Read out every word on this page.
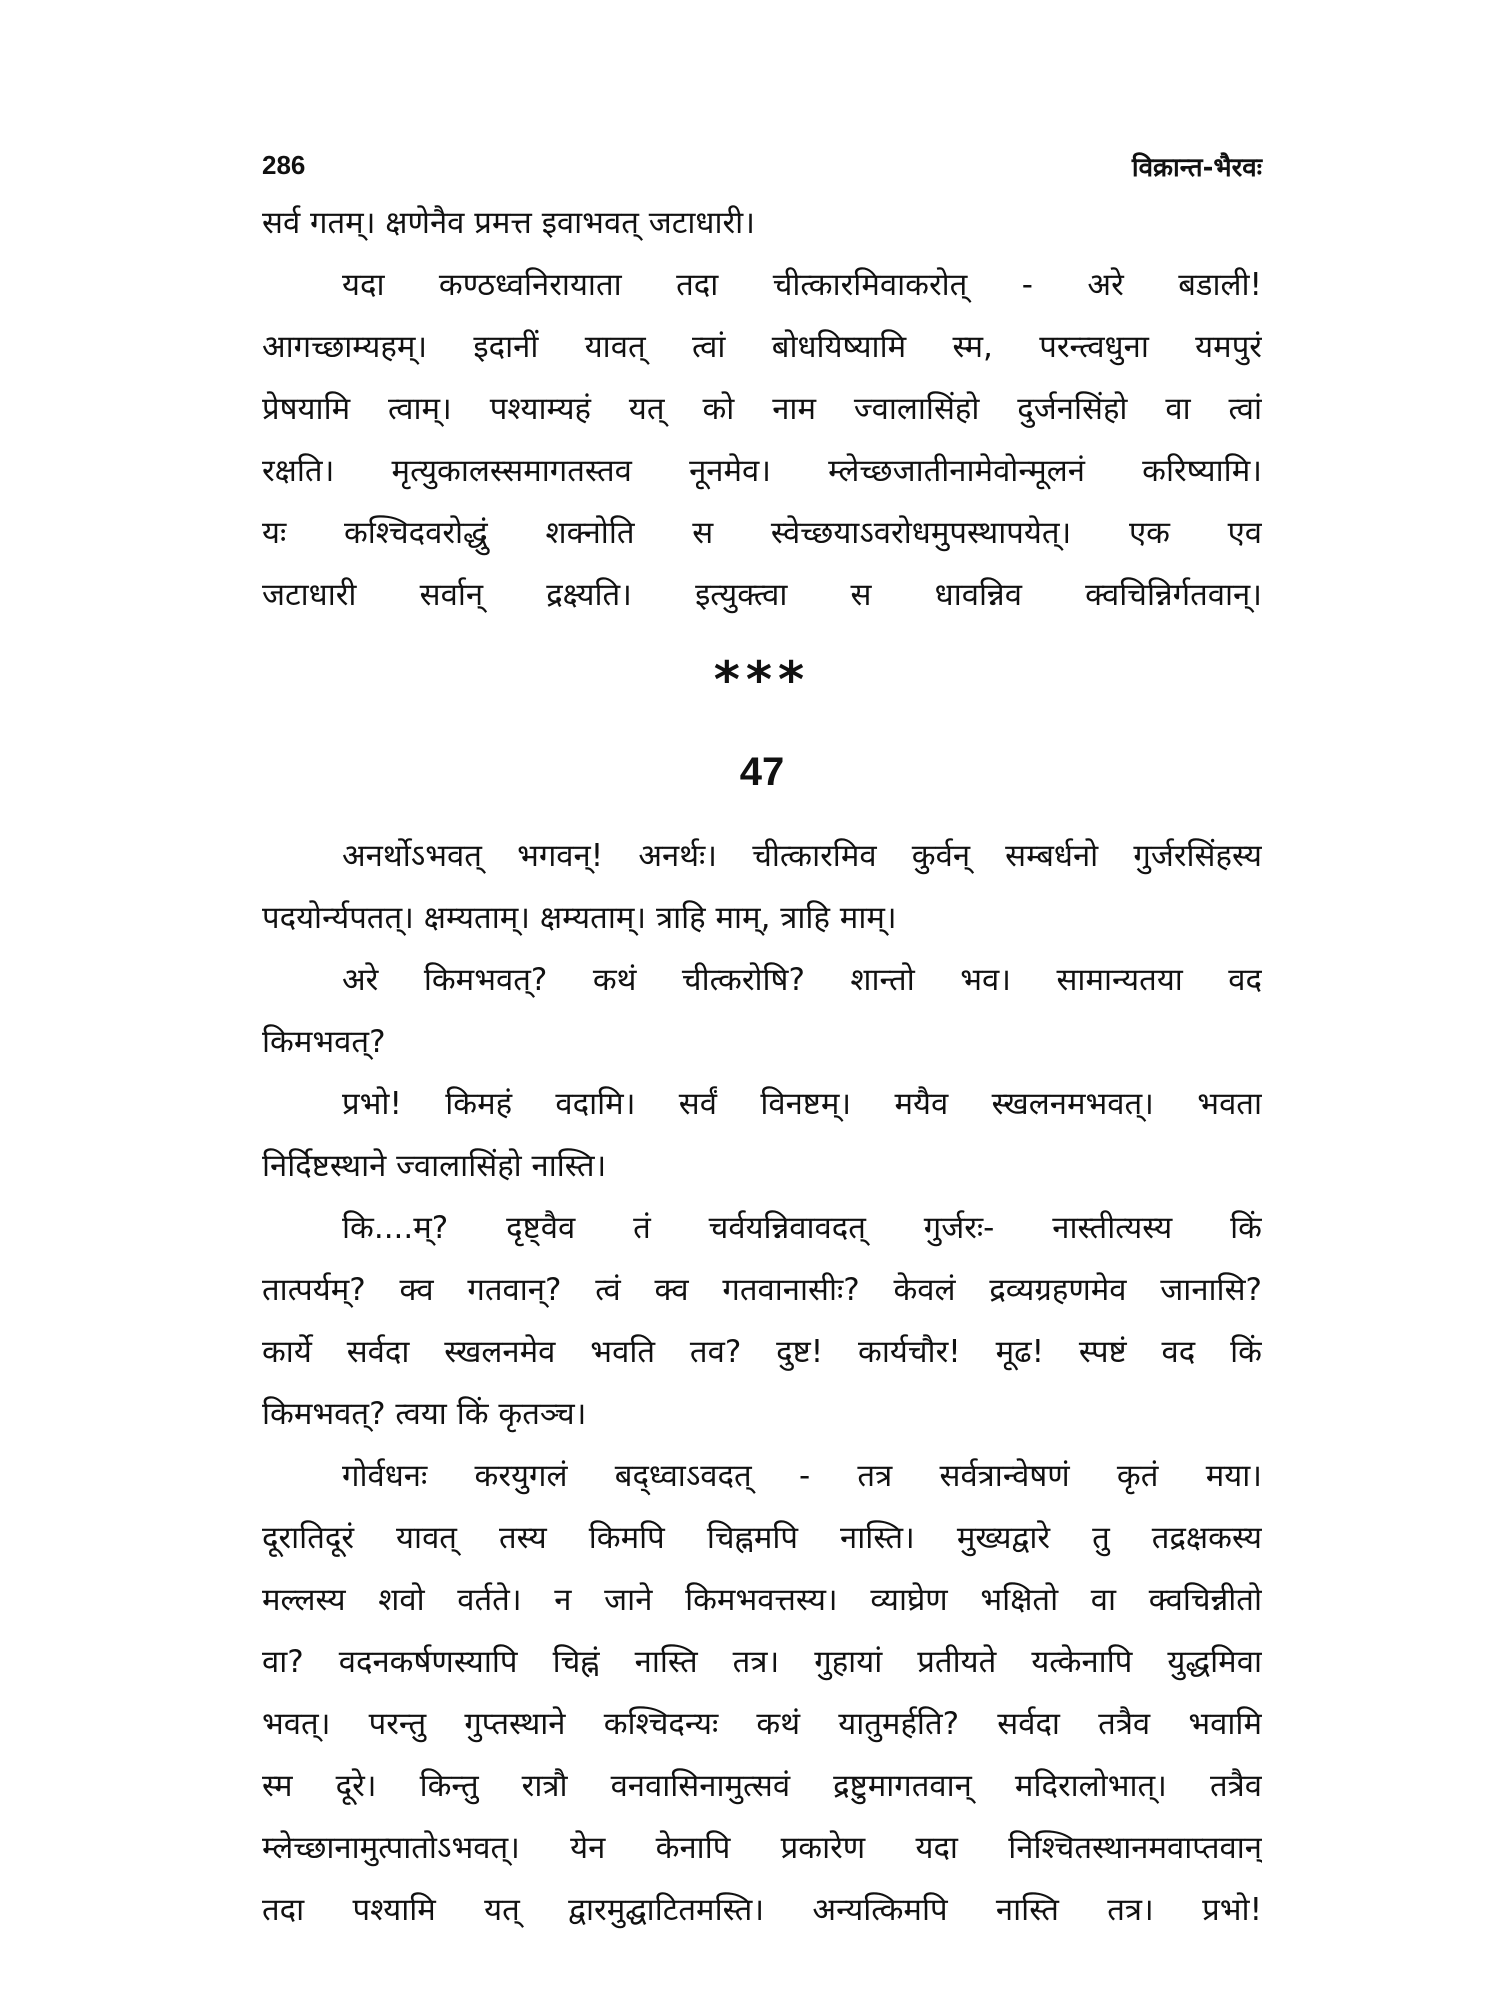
286	विक्रान्त-भैरवः
सर्व गतम्। क्षणेनैव प्रमत्त इवाभवत् जटाधारी।
यदा कण्ठध्वनिरायाता तदा चीत्कारमिवाकरोत् - अरे बडाली!
आगच्छाम्यहम्। इदानीं यावत् त्वां बोधयिष्यामि स्म, परन्त्वधुना यमपुरं
प्रेषयामि त्वाम्। पश्याम्यहं यत् को नाम ज्वालासिंहो दुर्जनसिंहो वा त्वां
रक्षति। मृत्युकालस्समागतस्तव नूनमेव। म्लेच्छजातीनामेवोन्मूलनं करिष्यामि।
यः कश्चिदवरोद्धुं शक्नोति स स्वेच्छयाऽवरोधमुपस्थापयेत्। एक एव
जटाधारी सर्वान् द्रक्ष्यति। इत्युक्त्वा स धावन्निव क्वचिन्निर्गतवान्।
***
47
अनर्थोऽभवत् भगवन्! अनर्थः। चीत्कारमिव कुर्वन् सम्बर्धनो गुर्जरसिंहस्य
पदयोर्न्यपतत्। क्षम्यताम्। क्षम्यताम्। त्राहि माम्, त्राहि माम्।
अरे किमभवत्? कथं चीत्करोषि? शान्तो भव। सामान्यतया वद
किमभवत्?
प्रभो! किमहं वदामि। सर्वं विनष्टम्। मयैव स्खलनमभवत्। भवता
निर्दिष्टस्थाने ज्वालासिंहो नास्ति।
कि....म्? दृष्ट्वैव तं चर्वयन्निवावदत् गुर्जरः- नास्तीत्यस्य किं
तात्पर्यम्? क्व गतवान्? त्वं क्व गतवानासीः? केवलं द्रव्यग्रहणमेव जानासि?
कार्ये सर्वदा स्खलनमेव भवति तव? दुष्ट! कार्यचौर! मूढ! स्पष्टं वद किं
किमभवत्? त्वया किं कृतञ्च।
गोर्वधनः करयुगलं बद्ध्वाऽवदत् - तत्र सर्वत्रान्वेषणं कृतं मया।
दूरातिदूरं यावत् तस्य किमपि चिह्नमपि नास्ति। मुख्यद्वारे तु तद्रक्षकस्य
मल्लस्य शवो वर्तते। न जाने किमभवत्तस्य। व्याघ्रेण भक्षितो वा क्वचिन्नीतो
वा? वदनकर्षणस्यापि चिह्नं नास्ति तत्र। गुहायां प्रतीयते यत्केनापि युद्धमिवा
भवत्। परन्तु गुप्तस्थाने कश्चिदन्यः कथं यातुमर्हति? सर्वदा तत्रैव भवामि
स्म दूरे। किन्तु रात्रौ वनवासिनामुत्सवं द्रष्टुमागतवान् मदिरालोभात्। तत्रैव
म्लेच्छानामुत्पातोऽभवत्। येन केनापि प्रकारेण यदा निश्चितस्थानमवाप्तवान्
तदा पश्यामि यत् द्वारमुद्घाटितमस्ति। अन्यत्किमपि नास्ति तत्र। प्रभो!
